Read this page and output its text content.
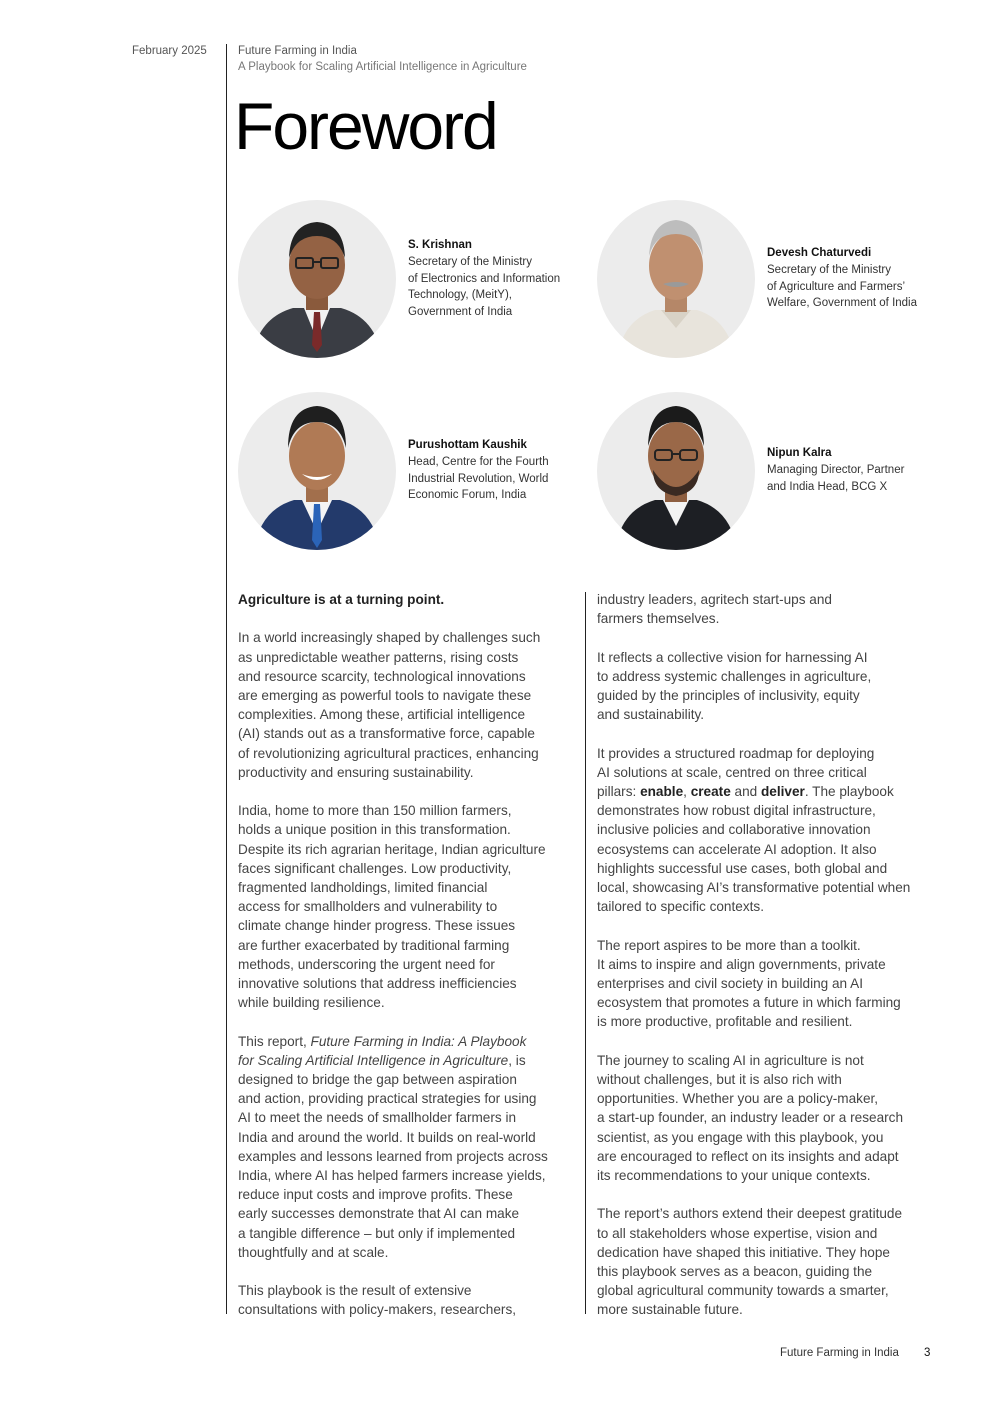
February 2025	Future Farming in India
A Playbook for Scaling Artificial Intelligence in Agriculture
Foreword
S. Krishnan
Secretary of the Ministry
of Electronics and Information
Technology, (MeitY),
Government of India
Devesh Chaturvedi
Secretary of the Ministry
of Agriculture and Farmers’
Welfare, Government of India
Purushottam Kaushik
Head, Centre for the Fourth
Industrial Revolution, World
Economic Forum, India
Nipun Kalra
Managing Director, Partner
and India Head, BCG X

Agriculture is at a turning point.

In a world increasingly shaped by challenges such
as unpredictable weather patterns, rising costs
and resource scarcity, technological innovations
are emerging as powerful tools to navigate these
complexities. Among these, artificial intelligence
(AI) stands out as a transformative force, capable
of revolutionizing agricultural practices, enhancing
productivity and ensuring sustainability.

India, home to more than 150 million farmers,
holds a unique position in this transformation.
Despite its rich agrarian heritage, Indian agriculture
faces significant challenges. Low productivity,
fragmented landholdings, limited financial
access for smallholders and vulnerability to
climate change hinder progress. These issues
are further exacerbated by traditional farming
methods, underscoring the urgent need for
innovative solutions that address inefficiencies
while building resilience.

This report, Future Farming in India: A Playbook
for Scaling Artificial Intelligence in Agriculture, is
designed to bridge the gap between aspiration
and action, providing practical strategies for using
AI to meet the needs of smallholder farmers in
India and around the world. It builds on real-world
examples and lessons learned from projects across
India, where AI has helped farmers increase yields,
reduce input costs and improve profits. These
early successes demonstrate that AI can make
a tangible difference – but only if implemented
thoughtfully and at scale.

This playbook is the result of extensive
consultations with policy-makers, researchers,

industry leaders, agritech start-ups and
farmers themselves.

It reflects a collective vision for harnessing AI
to address systemic challenges in agriculture,
guided by the principles of inclusivity, equity
and sustainability.

It provides a structured roadmap for deploying
AI solutions at scale, centred on three critical
pillars: enable, create and deliver. The playbook
demonstrates how robust digital infrastructure,
inclusive policies and collaborative innovation
ecosystems can accelerate AI adoption. It also
highlights successful use cases, both global and
local, showcasing AI’s transformative potential when
tailored to specific contexts.

The report aspires to be more than a toolkit.
It aims to inspire and align governments, private
enterprises and civil society in building an AI
ecosystem that promotes a future in which farming
is more productive, profitable and resilient.

The journey to scaling AI in agriculture is not
without challenges, but it is also rich with
opportunities. Whether you are a policy-maker,
a start-up founder, an industry leader or a research
scientist, as you engage with this playbook, you
are encouraged to reflect on its insights and adapt
its recommendations to your unique contexts.

The report’s authors extend their deepest gratitude
to all stakeholders whose expertise, vision and
dedication have shaped this initiative. They hope
this playbook serves as a beacon, guiding the
global agricultural community towards a smarter,
more sustainable future.

Future Farming in India 3
